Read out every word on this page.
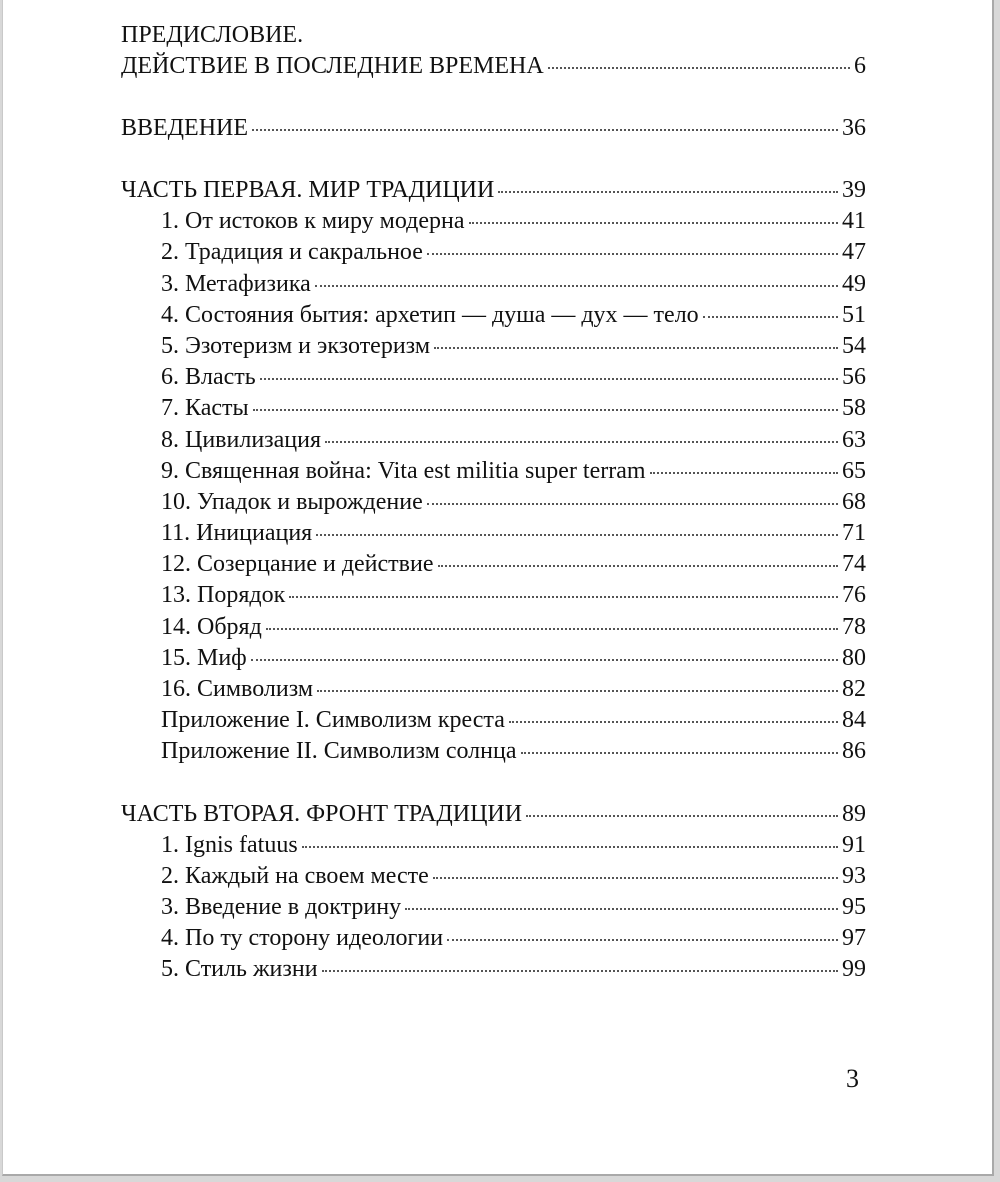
ПРЕДИСЛОВИЕ.
ДЕЙСТВИЕ В ПОСЛЕДНИЕ ВРЕМЕНА	6
ВВЕДЕНИЕ	36
ЧАСТЬ ПЕРВАЯ. МИР ТРАДИЦИИ	39
1. От истоков к миру модерна	41
2. Традиция и сакральное	47
3. Метафизика	49
4. Состояния бытия: архетип — душа — дух — тело	51
5. Эзотеризм и экзотеризм	54
6. Власть	56
7. Касты	58
8. Цивилизация	63
9. Священная война: Vita est militia super terram	65
10. Упадок и вырождение	68
11. Инициация	71
12. Созерцание и действие	74
13. Порядок	76
14. Обряд	78
15. Миф	80
16. Символизм	82
Приложение I. Символизм креста	84
Приложение II. Символизм солнца	86
ЧАСТЬ ВТОРАЯ. ФРОНТ ТРАДИЦИИ	89
1. Ignis fatuus	91
2. Каждый на своем месте	93
3. Введение в доктрину	95
4. По ту сторону идеологии	97
5. Стиль жизни	99
3
